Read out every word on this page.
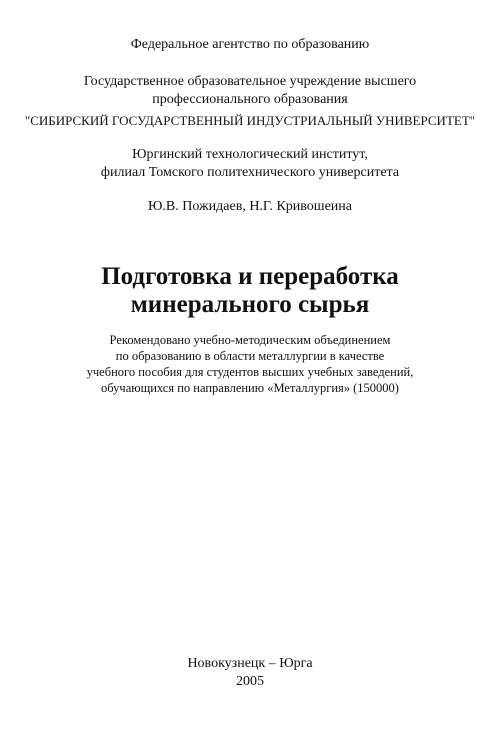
Федеральное агентство по образованию
Государственное образовательное учреждение высшего
профессионального образования
"СИБИРСКИЙ ГОСУДАРСТВЕННЫЙ ИНДУСТРИАЛЬНЫЙ УНИВЕРСИТЕТ"
Юргинский технологический институт,
филиал Томского политехнического университета
Ю.В. Пожидаев, Н.Г. Кривошеина
Подготовка и переработка
минерального сырья
Рекомендовано учебно-методическим объединением
по образованию в области металлургии в качестве
учебного пособия для студентов высших учебных заведений,
обучающихся по направлению «Металлургия» (150000)
Новокузнецк – Юрга
2005
